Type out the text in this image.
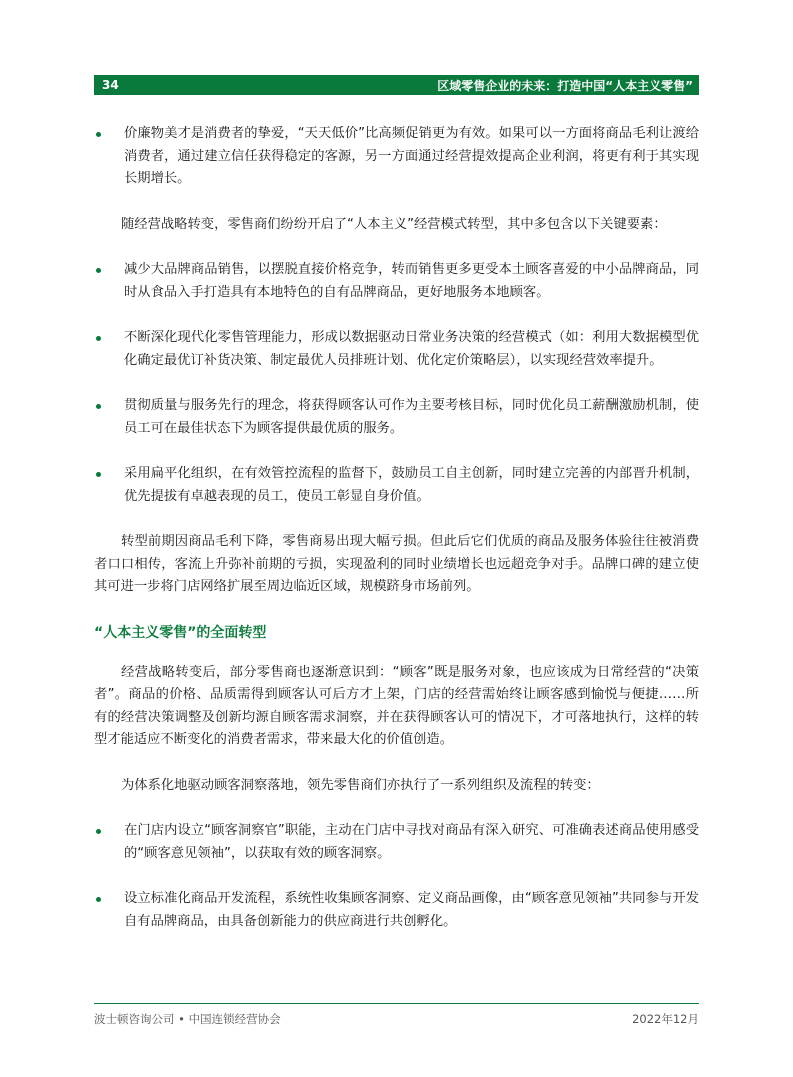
34	区域零售企业的未来：打造中国“人本主义零售”
价廉物美才是消费者的挚爱，“天天低价”比高频促销更为有效。如果可以一方面将商品毛利让渡给消费者，通过建立信任获得稳定的客源，另一方面通过经营提效提高企业利润，将更有利于其实现长期增长。

随经营战略转变，零售商们纷纷开启了“人本主义”经营模式转型，其中多包含以下关键要素：

减少大品牌商品销售，以摆脱直接价格竞争，转而销售更多更受本土顾客喜爱的中小品牌商品，同时从食品入手打造具有本地特色的自有品牌商品，更好地服务本地顾客。
不断深化现代化零售管理能力，形成以数据驱动日常业务决策的经营模式（如：利用大数据模型优化确定最优订补货决策、制定最优人员排班计划、优化定价策略层），以实现经营效率提升。
贯彻质量与服务先行的理念，将获得顾客认可作为主要考核目标，同时优化员工薪酬激励机制，使员工可在最佳状态下为顾客提供最优质的服务。
采用扁平化组织，在有效管控流程的监督下，鼓励员工自主创新，同时建立完善的内部晋升机制，优先提拔有卓越表现的员工，使员工彰显自身价值。

转型前期因商品毛利下降，零售商易出现大幅亏损。但此后它们优质的商品及服务体验往往被消费者口口相传，客流上升弥补前期的亏损，实现盈利的同时业绩增长也远超竞争对手。品牌口碑的建立使其可进一步将门店网络扩展至周边临近区域，规模跻身市场前列。

“人本主义零售”的全面转型

经营战略转变后，部分零售商也逐渐意识到：“顾客”既是服务对象，也应该成为日常经营的“决策者”。商品的价格、品质需得到顾客认可后方才上架，门店的经营需始终让顾客感到愉悦与便捷……所有的经营决策调整及创新均源自顾客需求洞察，并在获得顾客认可的情况下，才可落地执行，这样的转型才能适应不断变化的消费者需求，带来最大化的价值创造。

为体系化地驱动顾客洞察落地，领先零售商们亦执行了一系列组织及流程的转变：

在门店内设立“顾客洞察官”职能，主动在门店中寻找对商品有深入研究、可准确表述商品使用感受的“顾客意见领袖”，以获取有效的顾客洞察。
设立标准化商品开发流程，系统性收集顾客洞察、定义商品画像，由“顾客意见领袖”共同参与开发自有品牌商品，由具备创新能力的供应商进行共创孵化。
波士顿咨询公司 • 中国连锁经营协会	2022年12月
